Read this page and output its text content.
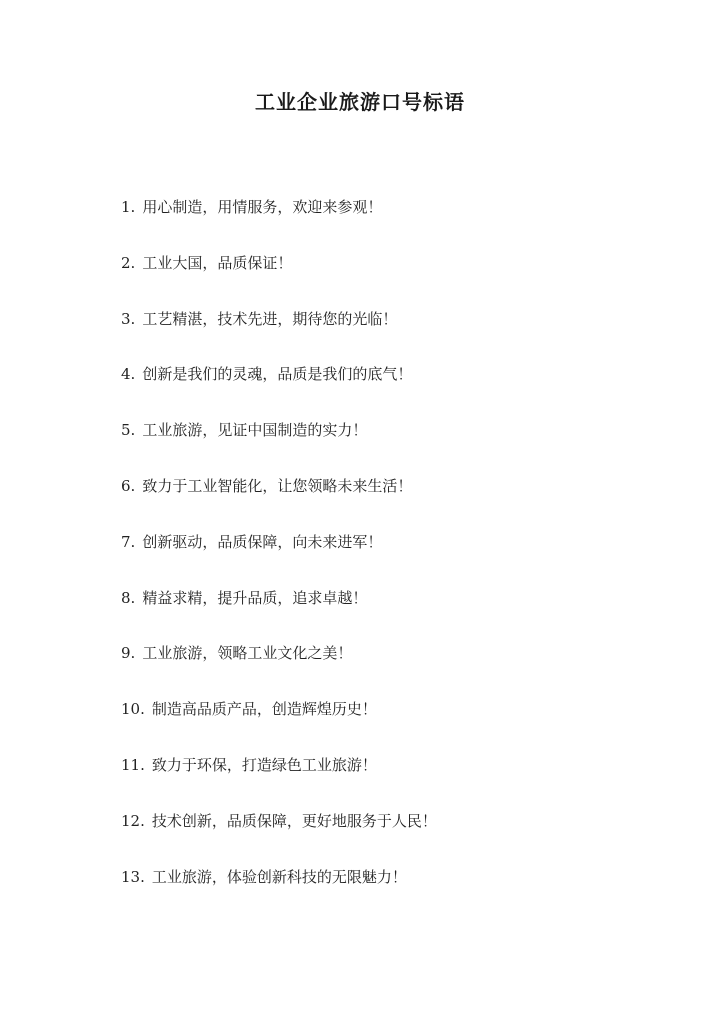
工业企业旅游口号标语
1. 用心制造，用情服务，欢迎来参观！
2. 工业大国，品质保证！
3. 工艺精湛，技术先进，期待您的光临！
4. 创新是我们的灵魂，品质是我们的底气！
5. 工业旅游，见证中国制造的实力！
6. 致力于工业智能化，让您领略未来生活！
7. 创新驱动，品质保障，向未来进军！
8. 精益求精，提升品质，追求卓越！
9. 工业旅游，领略工业文化之美！
10. 制造高品质产品，创造辉煌历史！
11. 致力于环保，打造绿色工业旅游！
12. 技术创新，品质保障，更好地服务于人民！
13. 工业旅游，体验创新科技的无限魅力！
